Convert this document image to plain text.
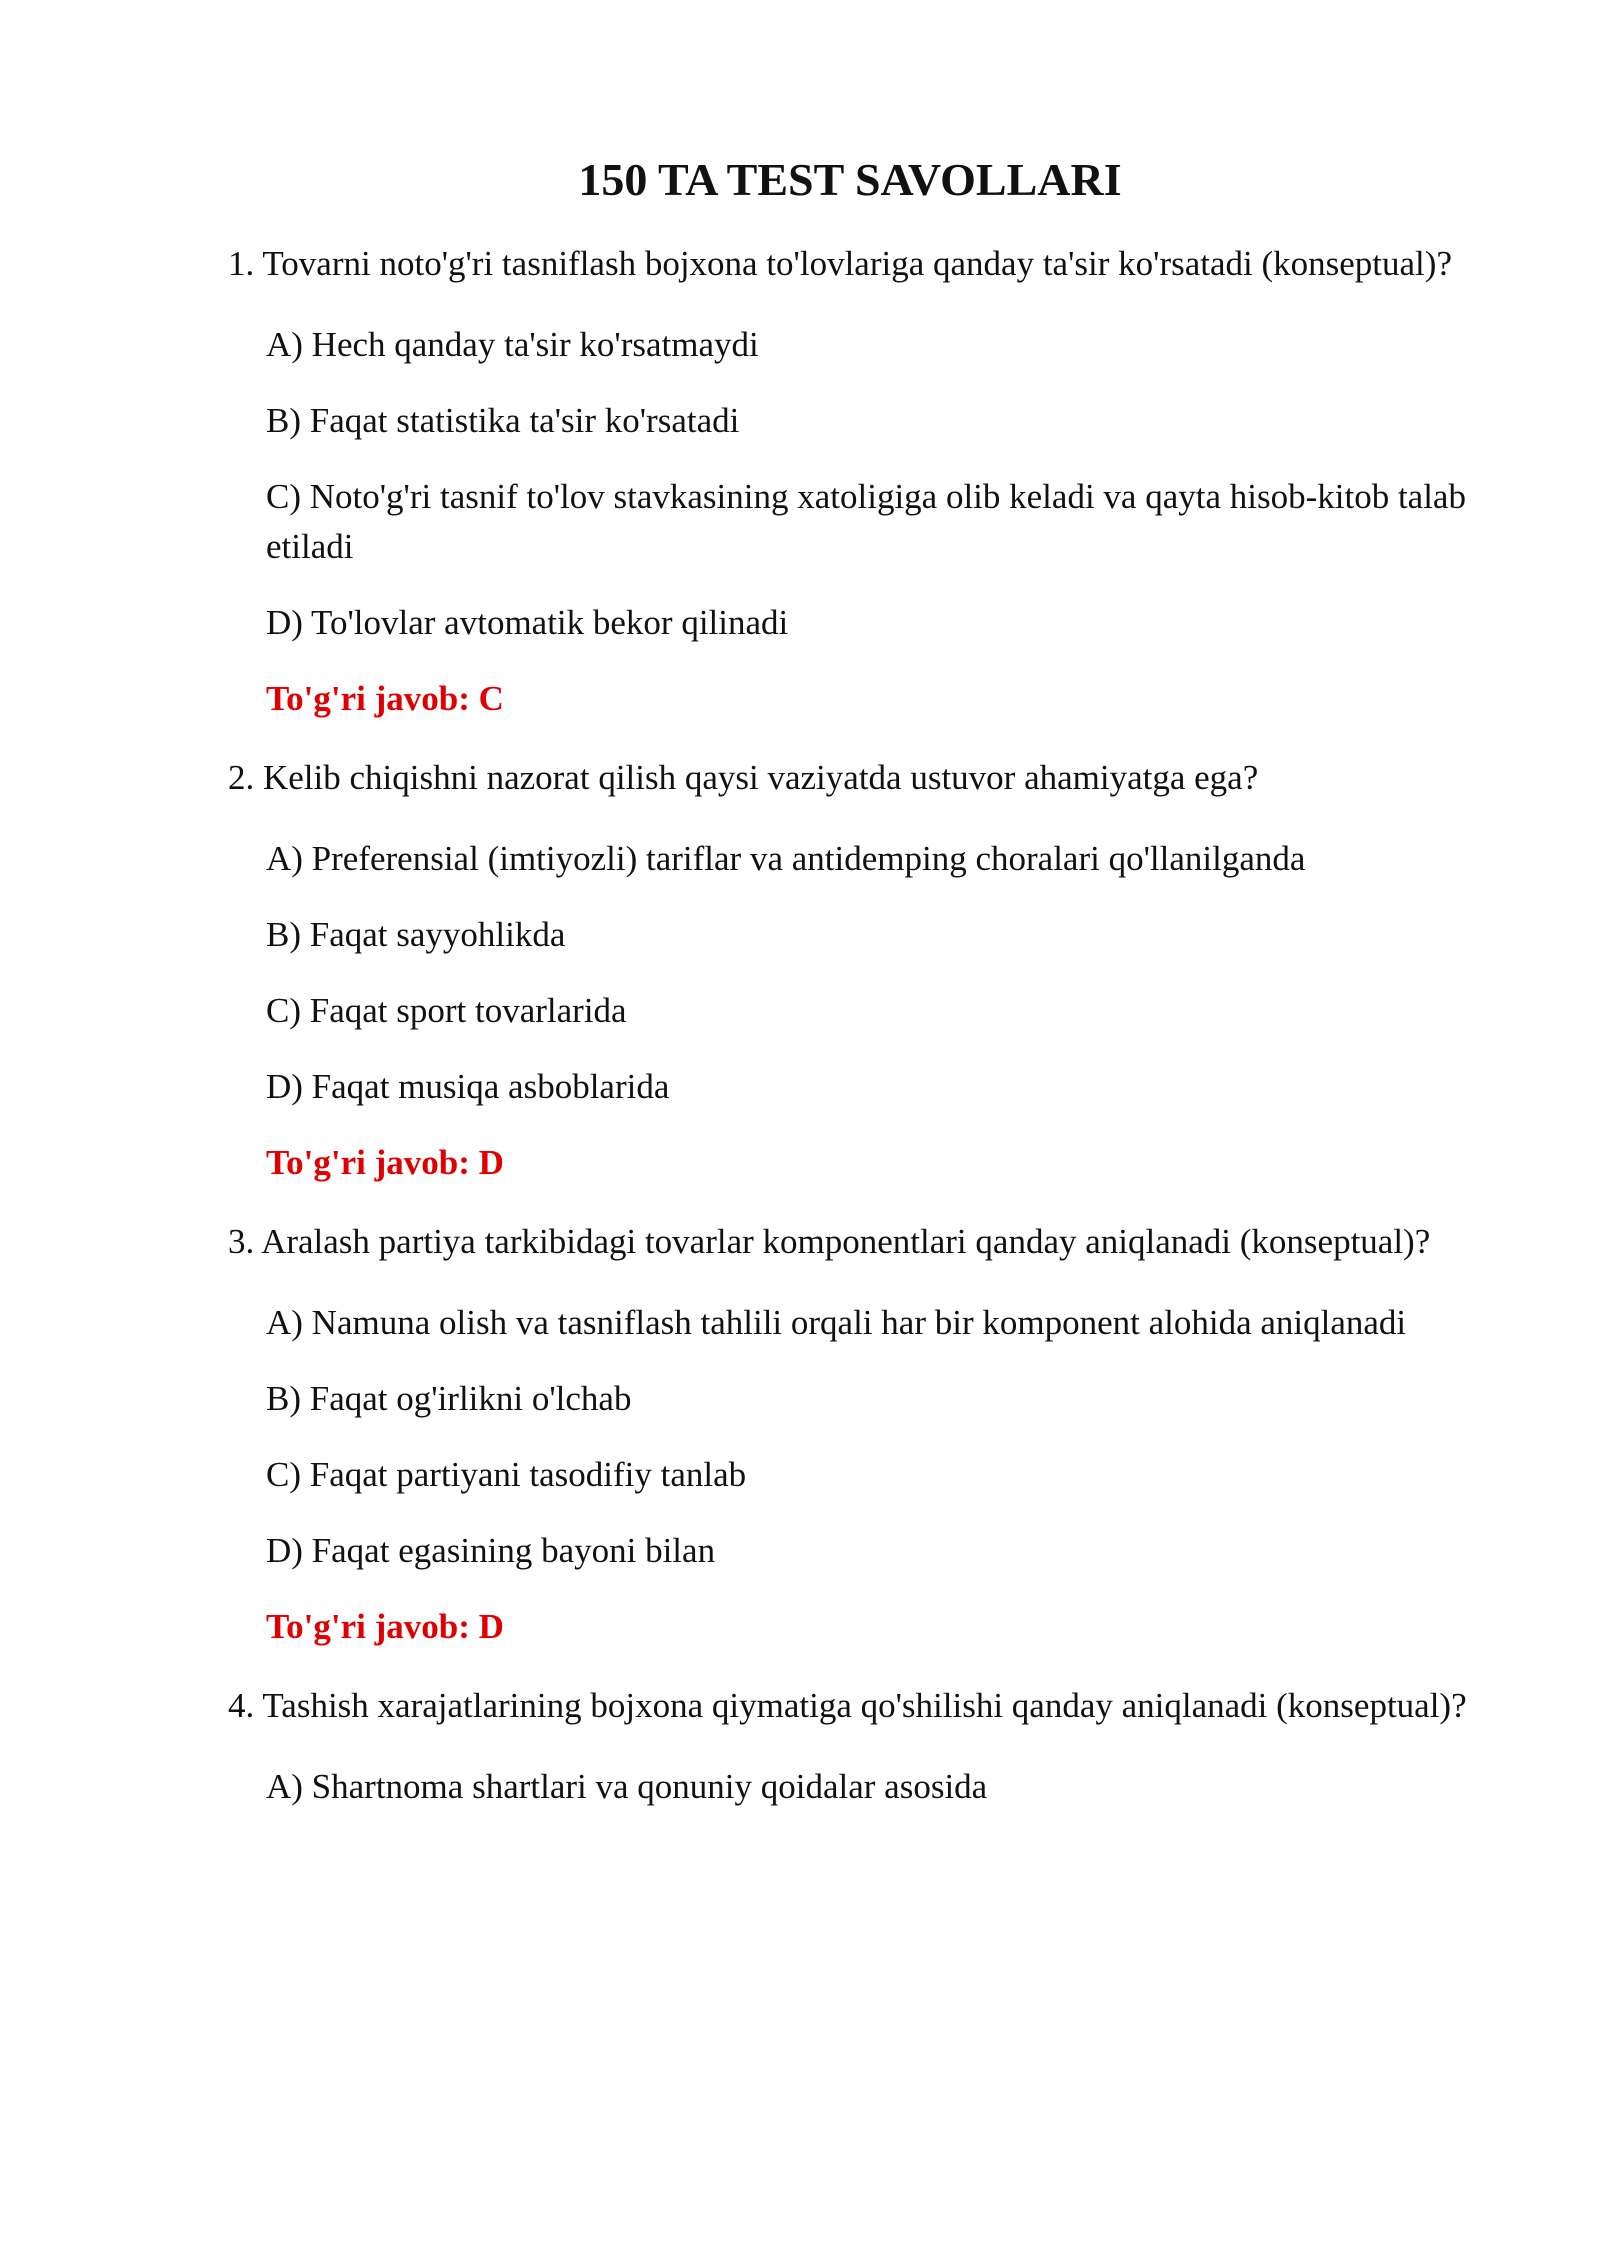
150 TA TEST SAVOLLARI

1. Tovarni noto'g'ri tasniflash bojxona to'lovlariga qanday ta'sir ko'rsatadi (konseptual)?

A) Hech qanday ta'sir ko'rsatmaydi
B) Faqat statistika ta'sir ko'rsatadi
C) Noto'g'ri tasnif to'lov stavkasining xatoligiga olib keladi va qayta hisob-kitob talab etiladi
D) To'lovlar avtomatik bekor qilinadi
To'g'ri javob: C

2. Kelib chiqishni nazorat qilish qaysi vaziyatda ustuvor ahamiyatga ega?

A) Preferensial (imtiyozli) tariflar va antidemping choralari qo'llanilganda
B) Faqat sayyohlikda
C) Faqat sport tovarlarida
D) Faqat musiqa asboblarida
To'g'ri javob: D

3. Aralash partiya tarkibidagi tovarlar komponentlari qanday aniqlanadi (konseptual)?

A) Namuna olish va tasniflash tahlili orqali har bir komponent alohida aniqlanadi
B) Faqat og'irlikni o'lchab
C) Faqat partiyani tasodifiy tanlab
D) Faqat egasining bayoni bilan
To'g'ri javob: D

4. Tashish xarajatlarining bojxona qiymatiga qo'shilishi qanday aniqlanadi (konseptual)?

A) Shartnoma shartlari va qonuniy qoidalar asosida
